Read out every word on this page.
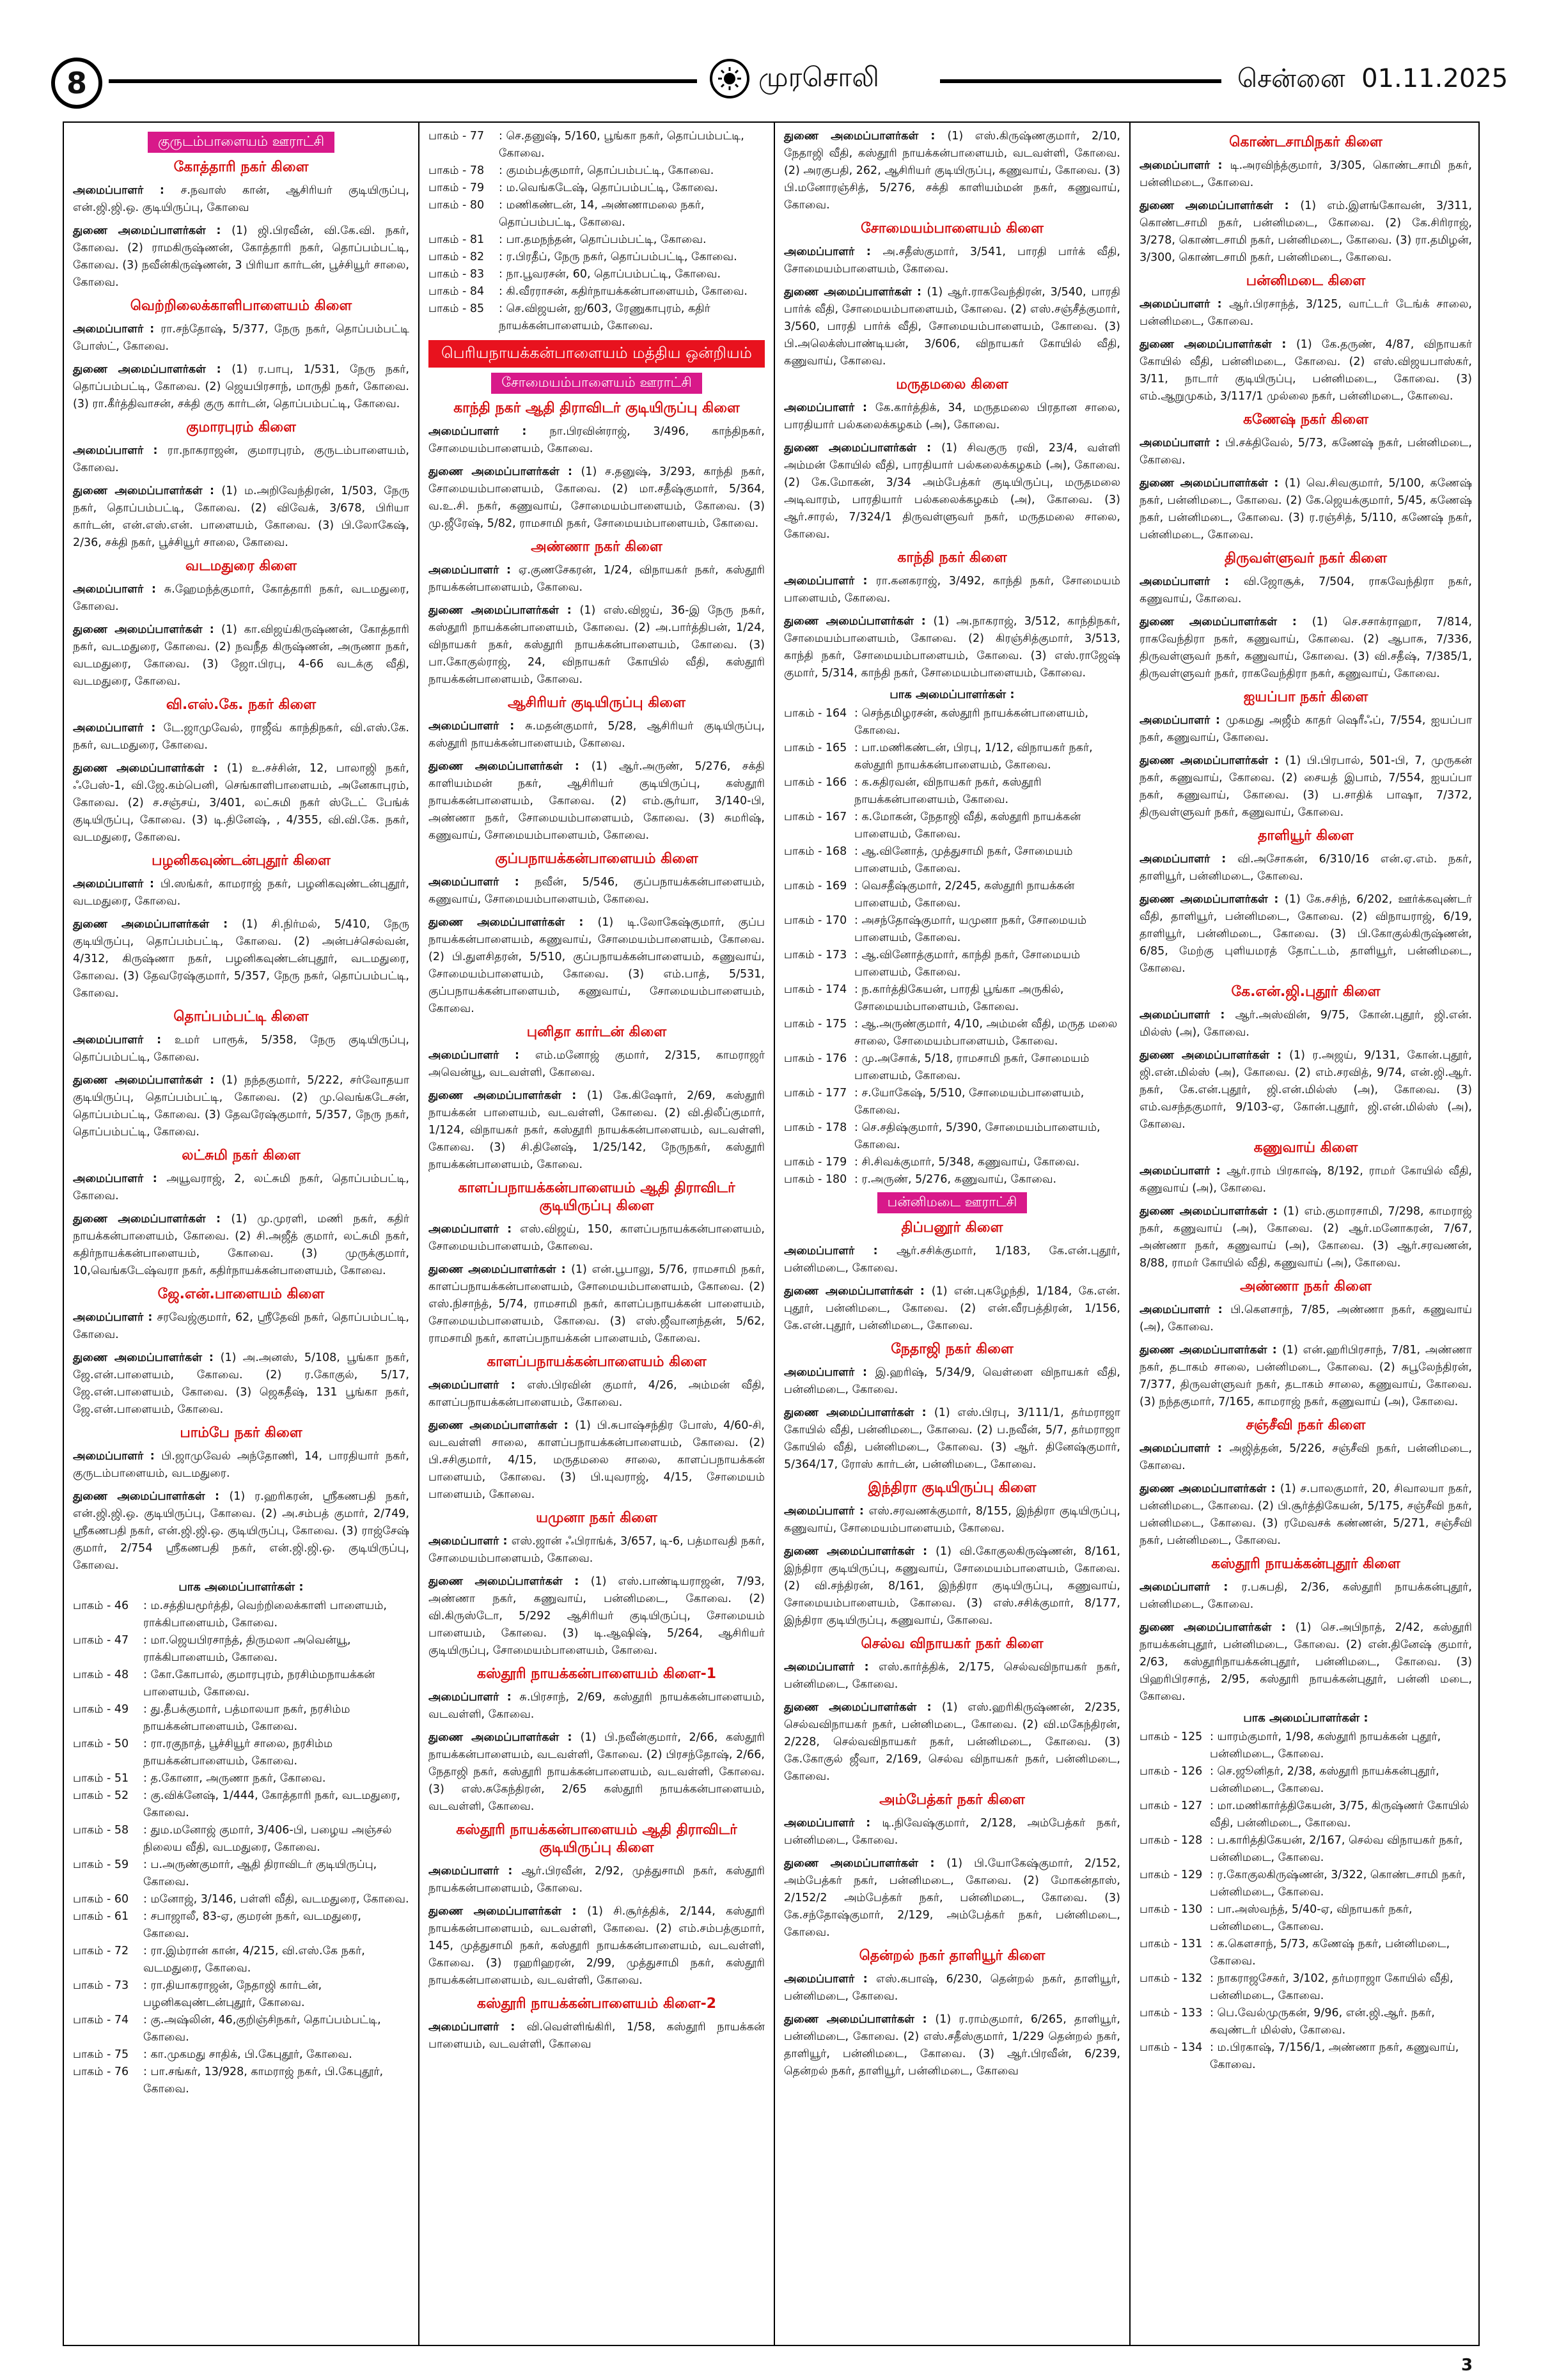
8	முரசொலி	சென்னை 01.11.2025
குருடம்பாளையம் ஊராட்சி
கோத்தாரி நகர் கிளை
அமைப்பாளர் : ச.நவாஸ் கான், ஆசிரியர் குடியிருப்பு, என்.ஜி.ஜி.ஒ. குடியிருப்பு, கோவை
துணை அமைப்பாளர்கள் : (1) ஜி.பிரவீன், வி.கே.வி. நகர், கோவை. (2) ராமகிருஷ்ணன், கோத்தாரி நகர், தொப்பம்பட்டி, கோவை. (3) நவீன்கிருஷ்ணன், 3 பிரியா கார்டன், பூச்சியூர் சாலை, கோவை.
வெற்றிலைக்காளிபாளையம் கிளை
அமைப்பாளர் : ரா.சந்தோஷ், 5/377, நேரு நகர், தொப்பம்பட்டி போஸ்ட், கோவை.
துணை அமைப்பாளர்கள் : (1) ர.பாபு, 1/531, நேரு நகர், தொப்பம்பட்டி, கோவை. (2) ஜெயபிரசாந், மாருதி நகர், கோவை. (3) ரா.கீர்த்திவாசன், சக்தி குரு கார்டன், தொப்பம்பட்டி, கோவை.
குமாரபுரம் கிளை
அமைப்பாளர் : ரா.நாகராஜன், குமாரபுரம், குருடம்பாளையம், கோவை.
துணை அமைப்பாளர்கள் : (1) ம.அறிவேந்திரன், 1/503, நேரு நகர், தொப்பம்பட்டி, கோவை. (2) விவேக், 3/678, பிரியா கார்டன், என்.எஸ்.என். பாளையம், கோவை. (3) பி.லோகேஷ், 2/36, சக்தி நகர், பூச்சியூர் சாலை, கோவை.
வடமதுரை கிளை
அமைப்பாளர் : சு.ஹேமந்த்குமார், கோத்தாரி நகர், வடமதுரை, கோவை.
துணை அமைப்பாளர்கள் : (1) கா.விஜய்கிருஷ்ணன், கோத்தாரி நகர், வடமதுரை, கோவை. (2) நவநீத கிருஷ்ணன், அருணா நகர், வடமதுரை, கோவை. (3) ஜோ.பிரபு, 4-66 வடக்கு வீதி, வடமதுரை, கோவை.
வி.எஸ்.கே. நகர் கிளை
அமைப்பாளர் : டே.ஜாமுவேல், ராஜீவ் காந்திநகர், வி.எஸ்.கே. நகர், வடமதுரை, கோவை.
துணை அமைப்பாளர்கள் : (1) உ.சச்சின், 12, பாலாஜி நகர், ஃபேஸ்-1, வி.ஜே.கம்பெனி, செங்காளிபாளையம், அனேகாபுரம், கோவை. (2) ச.சஞ்சய், 3/401, லட்சுமி நகர் ஸ்டேட் பேங்க் குடியிருப்பு, கோவை. (3) டி.தினேஷ், , 4/355, வி.வி.கே. நகர், வடமதுரை, கோவை.
பழனிகவுண்டன்புதூர் கிளை
அமைப்பாளர் : பி.ஸங்கர், காமராஜ் நகர், பழனிகவுண்டன்புதூர், வடமதுரை, கோவை.
துணை அமைப்பாளர்கள் : (1) சி.நிர்மல், 5/410, நேரு குடியிருப்பு, தொப்பம்பட்டி, கோவை. (2) அன்பச்செல்வன், 4/312, கிருஷ்ணா நகர், பழனிகவுண்டன்புதூர், வடமதுரை, கோவை. (3) தேவரேஷ்குமார், 5/357, நேரு நகர், தொப்பம்பட்டி, கோவை.
தொப்பம்பட்டி கிளை
அமைப்பாளர் : உமர் பாரூக், 5/358, நேரு குடியிருப்பு, தொப்பம்பட்டி, கோவை.
துணை அமைப்பாளர்கள் : (1) நந்தகுமார், 5/222, சர்வோதயா குடியிருப்பு, தொப்பம்பட்டி, கோவை. (2) மு.வெங்கடேசன், தொப்பம்பட்டி, கோவை. (3) தேவரேஷ்குமார், 5/357, நேரு நகர், தொப்பம்பட்டி, கோவை.
லட்சுமி நகர் கிளை
அமைப்பாளர் : அயூவராஜ், 2, லட்சுமி நகர், தொப்பம்பட்டி, கோவை.
துணை அமைப்பாளர்கள் : (1) மு.முரளி, மணி நகர், கதிர் நாயக்கன்பாளையம், கோவை. (2) சி.அஜீத் குமார், லட்சுமி நகர், கதிர்நாயக்கன்பாளையம், கோவை. (3) முருக்குமார், 10,வெங்கடேஷ்வரா நகர், கதிர்நாயக்கன்பாளையம், கோவை.
ஜே.என்.பாளையம் கிளை
அமைப்பாளர் : சரவேஜ்குமார், 62, ஸ்ரீதேவி நகர், தொப்பம்பட்டி, கோவை.
துணை அமைப்பாளர்கள் : (1) அ.அனஸ், 5/108, பூங்கா நகர், ஜே.என்.பாளையம், கோவை. (2) ர.கோகுல், 5/17, ஜே.என்.பாளையம், கோவை. (3) ஜெகதீஷ், 131 பூங்கா நகர், ஜே.என்.பாளையம், கோவை.
பாம்பே நகர் கிளை
அமைப்பாளர் : பி.ஜாமுவேல் அந்தோணி, 14, பாரதியார் நகர், குருடம்பாளையம், வடமதுரை.
துணை அமைப்பாளர்கள் : (1) ர.ஹரிகரன், ஸ்ரீகணபதி நகர், என்.ஜி.ஜி.ஒ. குடியிருப்பு, கோவை. (2) அ.சம்பத் குமார், 2/749, ஸ்ரீகணபதி நகர், என்.ஜி.ஜி.ஒ. குடியிருப்பு, கோவை. (3) ராஜ்சேஷ் குமார், 2/754 ஸ்ரீகணபதி நகர், என்.ஜி.ஜி.ஒ. குடியிருப்பு, கோவை.
பாக அமைப்பாளர்கள் :
பாகம் - 46	: ம.சத்தியமூர்த்தி, வெற்றிலைக்காளி பாளையம், ராக்கிபாளையம், கோவை.
பாகம் - 47	: மா.ஜெயபிரசாந்த், திருமலா அவென்யூ, ராக்கிபாளையம், கோவை.
பாகம் - 48	: கோ.கோபால், குமாரபுரம், நரசிம்மநாயக்கன் பாளையம், கோவை.
பாகம் - 49	: து.தீபக்குமார், பத்மாலயா நகர், நரசிம்ம நாயக்கன்பாளையம், கோவை.
பாகம் - 50	: ரா.ரகுநாத், பூச்சியூர் சாலை, நரசிம்ம நாயக்கன்பாளையம், கோவை.
பாகம் - 51	: த.கோனா, அருணா நகர், கோவை.
பாகம் - 52	: கு.விக்னேஷ், 1/444, கோத்தாரி நகர், வடமதுரை, கோவை.
பாகம் - 58	: தும.மனோஜ் குமார், 3/406-பி, பழைய அஞ்சல் நிலைய வீதி, வடமதுரை, கோவை.
பாகம் - 59	: ப.அருண்குமார், ஆதி திராவிடர் குடியிருப்பு, கோவை.
பாகம் - 60	: மனோஜ், 3/146, பள்ளி வீதி, வடமதுரை, கோவை.
பாகம் - 61	: சபாஜாலீ, 83-ஏ, குமரன் நகர், வடமதுரை, கோவை.
பாகம் - 72	: ரா.இம்ரான் கான், 4/215, வி.எஸ்.கே நகர், வடமதுரை, கோவை.
பாகம் - 73	: ரா.தியாகராஜன், நேதாஜி கார்டன், பழனிகவுண்டன்புதூர், கோவை.
பாகம் - 74	: கு.அஷ்லின், 46,குறிஞ்சிநகர், தொப்பம்பட்டி, கோவை.
பாகம் - 75	: கா.முகமது சாதிக், பி.கேபுதூர், கோவை.
பாகம் - 76	: பா.சங்கர், 13/928, காமராஜ் நகர், பி.கேபுதூர், கோவை.
பாகம் - 77	: செ.தனுஷ், 5/160, பூங்கா நகர், தொப்பம்பட்டி, கோவை.
பாகம் - 78	: குமம்பத்குமார், தொப்பம்பட்டி, கோவை.
பாகம் - 79	: ம.வெங்கடேஷ், தொப்பம்பட்டி, கோவை.
பாகம் - 80	: மணிகண்டன், 14, அண்ணாமலை நகர், தொப்பம்பட்டி, கோவை.
பாகம் - 81	: பா.தமநந்தன், தொப்பம்பட்டி, கோவை.
பாகம் - 82	: ர.பிரதீப், நேரு நகர், தொப்பம்பட்டி, கோவை.
பாகம் - 83	: நா.பூவரசன், 60, தொப்பம்பட்டி, கோவை.
பாகம் - 84	: கி.வீரராசன், கதிர்நாயக்கன்பாளையம், கோவை.
பாகம் - 85	: செ.விஜயன், ஐ/603, ரேணுகாபுரம், கதிர் நாயக்கன்பாளையம், கோவை.
பெரியநாயக்கன்பாளையம் மத்திய ஒன்றியம்
சோமையம்பாளையம் ஊராட்சி
காந்தி நகர் ஆதி திராவிடர் குடியிருப்பு கிளை
அமைப்பாளர் : நா.பிரவின்ராஜ், 3/496, காந்திநகர், சோமையம்பாளையம், கோவை.
துணை அமைப்பாளர்கள் : (1) ச.தனுஷ், 3/293, காந்தி நகர், சோமையம்பாளையம், கோவை. (2) மா.சதீஷ்குமார், 5/364, வ.உ.சி. நகர், கணுவாய், சோமையம்பாளையம், கோவை. (3) மு.ஜீரேஷ், 5/82, ராமசாமி நகர், சோமையம்பாளையம், கோவை.
அண்ணா நகர் கிளை
அமைப்பாளர் : ஏ.குணசேகரன், 1/24, விநாயகர் நகர், கஸ்தூரி நாயக்கன்பாளையம், கோவை.
துணை அமைப்பாளர்கள் : (1) எஸ்.விஜய், 36-இ நேரு நகர், கஸ்தூரி நாயக்கன்பாளையம், கோவை. (2) அ.பார்த்திபன், 1/24, விநாயகர் நகர், கஸ்தூரி நாயக்கன்பாளையம், கோவை. (3) பா.கோகுல்ராஜ், 24, விநாயகர் கோயில் வீதி, கஸ்தூரி நாயக்கன்பாளையம், கோவை.
ஆசிரியர் குடியிருப்பு கிளை
அமைப்பாளர் : சு.மதன்குமார், 5/28, ஆசிரியர் குடியிருப்பு, கஸ்தூரி நாயக்கன்பாளையம், கோவை.
துணை அமைப்பாளர்கள் : (1) ஆர்.அருண், 5/276, சக்தி காளியம்மன் நகர், ஆசிரியர் குடியிருப்பு, கஸ்தூரி நாயக்கன்பாளையம், கோவை. (2) எம்.சூர்யா, 3/140-பி, அண்ணா நகர், சோமையம்பாளையம், கோவை. (3) சுமரிஷ், கணுவாய், சோமையம்பாளையம், கோவை.
குப்பநாயக்கன்பாளையம் கிளை
அமைப்பாளர் : நவீன், 5/546, குப்பநாயக்கன்பாளையம், கணுவாய், சோமையம்பாளையம், கோவை.
துணை அமைப்பாளர்கள் : (1) டி.லோகேஷ்குமார், குப்ப நாயக்கன்பாளையம், கணுவாய், சோமையம்பாளையம், கோவை. (2) பி.துளசிதரன், 5/510, குப்பநாயக்கன்பாளையம், கணுவாய், சோமையம்பாளையம், கோவை. (3) எம்.பாத், 5/531, குப்பநாயக்கன்பாளையம், கணுவாய், சோமையம்பாளையம், கோவை.
புனிதா கார்டன் கிளை
அமைப்பாளர் : எம்.மனோஜ் குமார், 2/315, காமராஜர் அவென்யூ, வடவள்ளி, கோவை.
துணை அமைப்பாளர்கள் : (1) கே.கிஷோர், 2/69, கஸ்தூரி நாயக்கன் பாளையம், வடவள்ளி, கோவை. (2) வி.திலீப்குமார், 1/124, விநாயகர் நகர், கஸ்தூரி நாயக்கன்பாளையம், வடவள்ளி, கோவை. (3) சி.தினேஷ், 1/25/142, நேருநகர், கஸ்தூரி நாயக்கன்பாளையம், கோவை.
காளப்பநாயக்கன்பாளையம் ஆதி திராவிடர் குடியிருப்பு கிளை
அமைப்பாளர் : எஸ்.விஜய், 150, காளப்பநாயக்கன்பாளையம், சோமையம்பாளையம், கோவை.
துணை அமைப்பாளர்கள் : (1) என்.பூபாலு, 5/76, ராமசாமி நகர், காளப்பநாயக்கன்பாளையம், சோமையம்பாளையம், கோவை. (2) எஸ்.நிசாந்த், 5/74, ராமசாமி நகர், காளப்பநாயக்கன் பாளையம், சோமையம்பாளையம், கோவை. (3) எஸ்.ஜீவானந்தன், 5/62, ராமசாமி நகர், காளப்பநாயக்கன் பாளையம், கோவை.
காளப்பநாயக்கன்பாளையம் கிளை
அமைப்பாளர் : எஸ்.பிரவின் குமார், 4/26, அம்மன் வீதி, காளப்பநாயக்கன்பாளையம், கோவை.
துணை அமைப்பாளர்கள் : (1) பி.சுபாஷ்சந்திர போஸ், 4/60-சி, வடவள்ளி சாலை, காளப்பநாயக்கன்பாளையம், கோவை. (2) பி.சசிகுமார், 4/15, மருதமலை சாலை, காளப்பநாயக்கன் பாளையம், கோவை. (3) பி.யுவராஜ், 4/15, சோமையம் பாளையம், கோவை.
யமுனா நகர் கிளை
அமைப்பாளர் : எஸ்.ஜான் ஃபிராங்க், 3/657, டி-6, பத்மாவதி நகர், சோமையம்பாளையம், கோவை.
துணை அமைப்பாளர்கள் : (1) எஸ்.பாண்டியராஜன், 7/93, அண்ணா நகர், கணுவாய், பன்னிமடை, கோவை. (2) வி.கிருஸ்டோ, 5/292 ஆசிரியர் குடியிருப்பு, சோமையம் பாளையம், கோவை. (3) டி.ஆஷிஷ், 5/264, ஆசிரியர் குடியிருப்பு, சோமையம்பாளையம், கோவை.
கஸ்தூரி நாயக்கன்பாளையம் கிளை-1
அமைப்பாளர் : சு.பிரசாந், 2/69, கஸ்தூரி நாயக்கன்பாளையம், வடவள்ளி, கோவை.
துணை அமைப்பாளர்கள் : (1) பி.நவீன்குமார், 2/66, கஸ்தூரி நாயக்கன்பாளையம், வடவள்ளி, கோவை. (2) பிரசந்தோஷ், 2/66, நேதாஜி நகர், கஸ்தூரி நாயக்கன்பாளையம், வடவள்ளி, கோவை. (3) எஸ்.சுகேந்திரன், 2/65 கஸ்தூரி நாயக்கன்பாளையம், வடவள்ளி, கோவை.
கஸ்தூரி நாயக்கன்பாளையம் ஆதி திராவிடர் குடியிருப்பு கிளை
அமைப்பாளர் : ஆர்.பிரவீன், 2/92, முத்துசாமி நகர், கஸ்தூரி நாயக்கன்பாளையம், கோவை.
துணை அமைப்பாளர்கள் : (1) சி.சூர்த்திக், 2/144, கஸ்தூரி நாயக்கன்பாளையம், வடவள்ளி, கோவை. (2) எம்.சம்பத்குமார், 145, முத்துசாமி நகர், கஸ்தூரி நாயக்கன்பாளையம், வடவள்ளி, கோவை. (3) ரஹரிஹரன், 2/99, முத்துசாமி நகர், கஸ்தூரி நாயக்கன்பாளையம், வடவள்ளி, கோவை.
கஸ்தூரி நாயக்கன்பாளையம் கிளை-2
அமைப்பாளர் : வி.வெள்ளிங்கிரி, 1/58, கஸ்தூரி நாயக்கன் பாளையம், வடவள்ளி, கோவை
துணை அமைப்பாளர்கள் : (1) எஸ்.கிருஷ்ணகுமார், 2/10, நேதாஜி வீதி, கஸ்தூரி நாயக்கன்பாளையம், வடவள்ளி, கோவை. (2) அரகுபதி, 262, ஆசிரியர் குடியிருப்பு, கணுவாய், கோவை. (3) பி.மனோரஞ்சித், 5/276, சக்தி காளியம்மன் நகர், கணுவாய், கோவை.
சோமையம்பாளையம் கிளை
அமைப்பாளர் : அ.சதீஸ்குமார், 3/541, பாரதி பார்க் வீதி, சோமையம்பாளையம், கோவை.
துணை அமைப்பாளர்கள் : (1) ஆர்.ராகவேந்திரன், 3/540, பாரதி பார்க் வீதி, சோமையம்பாளையம், கோவை. (2) எஸ்.சஞ்சீத்குமார், 3/560, பாரதி பார்க் வீதி, சோமையம்பாளையம், கோவை. (3) பி.அலெக்ஸ்பாண்டியன், 3/606, விநாயகர் கோயில் வீதி, கணுவாய், கோவை.
மருதமலை கிளை
அமைப்பாளர் : கே.கார்த்திக், 34, மருதமலை பிரதான சாலை, பாரதியார் பல்கலைக்கழகம் (அ), கோவை.
துணை அமைப்பாளர்கள் : (1) சிவகுரு ரவி, 23/4, வள்ளி அம்மன் கோயில் வீதி, பாரதியார் பல்கலைக்கழகம் (அ), கோவை. (2) கே.மோகன், 3/34 அம்பேத்கர் குடியிருப்பு, மருதமலை அடிவாரம், பாரதியார் பல்கலைக்கழகம் (அ), கோவை. (3) ஆர்.சாரல், 7/324/1 திருவள்ளுவர் நகர், மருதமலை சாலை, கோவை.
காந்தி நகர் கிளை
அமைப்பாளர் : ரா.கனகராஜ், 3/492, காந்தி நகர், சோமையம் பாளையம், கோவை.
துணை அமைப்பாளர்கள் : (1) அ.நாகராஜ், 3/512, காந்திநகர், சோமையம்பாளையம், கோவை. (2) கிரஞ்சித்குமார், 3/513, காந்தி நகர், சோமையம்பாளையம், கோவை. (3) எஸ்.ராஜேஷ் குமார், 5/314, காந்தி நகர், சோமையம்பாளையம், கோவை.
பாக அமைப்பாளர்கள் :
பாகம் - 164 : செந்தமிழரசன், கஸ்தூரி நாயக்கன்பாளையம், கோவை.
பாகம் - 165 : பா.மணிகண்டன், பிரபு, 1/12, விநாயகர் நகர், கஸ்தூரி நாயக்கன்பாளையம், கோவை.
பாகம் - 166 : க.கதிரவன், விநாயகர் நகர், கஸ்தூரி நாயக்கன்பாளையம், கோவை.
பாகம் - 167 : க.மோகன், நேதாஜி வீதி, கஸ்தூரி நாயக்கன் பாளையம், கோவை.
பாகம் - 168 : ஆ.வினோத், முத்துசாமி நகர், சோமையம் பாளையம், கோவை.
பாகம் - 169 : வெசதீஷ்குமார், 2/245, கஸ்தூரி நாயக்கன் பாளையம், கோவை.
பாகம் - 170 : அசந்தோஷ்குமார், யமுனா நகர், சோமையம் பாளையம், கோவை.
பாகம் - 173 : ஆ.வினோத்குமார், காந்தி நகர், சோமையம் பாளையம், கோவை.
பாகம் - 174 : ந.கார்த்திகேயன், பாரதி பூங்கா அருகில், சோமையம்பாளையம், கோவை.
பாகம் - 175 : ஆ.அருண்குமார், 4/10, அம்மன் வீதி, மருத மலை சாலை, சோமையம்பாளையம், கோவை.
பாகம் - 176 : மு.அசோக், 5/18, ராமசாமி நகர், சோமையம் பாளையம், கோவை.
பாகம் - 177 : ச.யோகேஷ், 5/510, சோமையம்பாளையம், கோவை.
பாகம் - 178 : செ.சதிஷ்குமார், 5/390, சோமையம்பாளையம், கோவை.
பாகம் - 179 : சி.சிவக்குமார், 5/348, கணுவாய், கோவை.
பாகம் - 180 : ர.அருண், 5/276, கணுவாய், கோவை.
பன்னிமடை ஊராட்சி
திப்பனூர் கிளை
அமைப்பாளர் : ஆர்.சசிக்குமார், 1/183, கே.என்.புதூர், பன்னிமடை, கோவை.
துணை அமைப்பாளர்கள் : (1) என்.புகழேந்தி, 1/184, கே.என். புதூர், பன்னிமடை, கோவை. (2) என்.வீரபத்திரன், 1/156, கே.என்.புதூர், பன்னிமடை, கோவை.
நேதாஜி நகர் கிளை
அமைப்பாளர் : இ.ஹரிஷ், 5/34/9, வெள்ளை விநாயகர் வீதி, பன்னிமடை, கோவை.
துணை அமைப்பாளர்கள் : (1) எஸ்.பிரபு, 3/111/1, தர்மராஜா கோயில் வீதி, பன்னிமடை, கோவை. (2) ப.நவீன், 5/7, தர்மராஜா கோயில் வீதி, பன்னிமடை, கோவை. (3) ஆர். தினேஷ்குமார், 5/364/17, ரோஸ் கார்டன், பன்னிமடை, கோவை.
இந்திரா குடியிருப்பு கிளை
அமைப்பாளர் : எஸ்.சரவணக்குமார், 8/155, இந்திரா குடியிருப்பு, கணுவாய், சோமையம்பாளையம், கோவை.
துணை அமைப்பாளர்கள் : (1) வி.கோகுலகிருஷ்ணன், 8/161, இந்திரா குடியிருப்பு, கணுவாய், சோமையம்பாளையம், கோவை. (2) வி.சந்திரன், 8/161, இந்திரா குடியிருப்பு, கணுவாய், சோமையம்பாளையம், கோவை. (3) எஸ்.சசிக்குமார், 8/177, இந்திரா குடியிருப்பு, கணுவாய், கோவை.
செல்வ விநாயகர் நகர் கிளை
அமைப்பாளர் : எஸ்.கார்த்திக், 2/175, செல்வவிநாயகர் நகர், பன்னிமடை, கோவை.
துணை அமைப்பாளர்கள் : (1) எஸ்.ஹரிகிருஷ்ணன், 2/235, செல்வவிநாயகர் நகர், பன்னிமடை, கோவை. (2) வி.மகேந்திரன், 2/228, செல்வவிநாயகர் நகர், பன்னிமடை, கோவை. (3) கே.கோகுல் ஜீவா, 2/169, செல்வ விநாயகர் நகர், பன்னிமடை, கோவை.
அம்பேத்கர் நகர் கிளை
அமைப்பாளர் : டி.நிவேஷ்குமார், 2/128, அம்பேத்கர் நகர், பன்னிமடை, கோவை.
துணை அமைப்பாளர்கள் : (1) பி.யோகேஷ்குமார், 2/152, அம்பேத்கர் நகர், பன்னிமடை, கோவை. (2) மோகன்தாஸ், 2/152/2 அம்பேத்கர் நகர், பன்னிமடை, கோவை. (3) கே.சந்தோஷ்குமார், 2/129, அம்பேத்கர் நகர், பன்னிமடை, கோவை.
தென்றல் நகர் தாளியூர் கிளை
அமைப்பாளர் : எஸ்.கபாஷ், 6/230, தென்றல் நகர், தாளியூர், பன்னிமடை, கோவை.
துணை அமைப்பாளர்கள் : (1) ர.ராம்குமார், 6/265, தாளியூர், பன்னிமடை, கோவை. (2) எஸ்.சதீஸ்குமார், 1/229 தென்றல் நகர், தாளியூர், பன்னிமடை, கோவை. (3) ஆர்.பிரவீன், 6/239, தென்றல் நகர், தாளியூர், பன்னிமடை, கோவை
கொண்டசாமிநகர் கிளை
அமைப்பாளர் : டி.அரவிந்த்குமார், 3/305, கொண்டசாமி நகர், பன்னிமடை, கோவை.
துணை அமைப்பாளர்கள் : (1) எம்.இளங்கோவன், 3/311, கொண்டசாமி நகர், பன்னிமடை, கோவை. (2) கே.சிரிராஜ், 3/278, கொண்டசாமி நகர், பன்னிமடை, கோவை. (3) ரா.தமிழன், 3/300, கொண்டசாமி நகர், பன்னிமடை, கோவை.
பன்னிமடை கிளை
அமைப்பாளர் : ஆர்.பிரசாந்த், 3/125, வாட்டர் டேங்க் சாலை, பன்னிமடை, கோவை.
துணை அமைப்பாளர்கள் : (1) கே.தருண், 4/87, விநாயகர் கோயில் வீதி, பன்னிமடை, கோவை. (2) எஸ்.விஜயபாஸ்கர், 3/11, நாடார் குடியிருப்பு, பன்னிமடை, கோவை. (3) எம்.ஆறுமுகம், 3/117/1 முல்லை நகர், பன்னிமடை, கோவை.
கணேஷ் நகர் கிளை
அமைப்பாளர் : பி.சக்திவேல், 5/73, கணேஷ் நகர், பன்னிமடை, கோவை.
துணை அமைப்பாளர்கள் : (1) வெ.சிவகுமார், 5/100, கணேஷ் நகர், பன்னிமடை, கோவை. (2) கே.ஜெயக்குமார், 5/45, கணேஷ் நகர், பன்னிமடை, கோவை. (3) ர.ரஞ்சித், 5/110, கணேஷ் நகர், பன்னிமடை, கோவை.
திருவள்ளுவர் நகர் கிளை
அமைப்பாளர் : வி.ஜோசூக், 7/504, ராகவேந்திரா நகர், கணுவாய், கோவை.
துணை அமைப்பாளர்கள் : (1) செ.சசாக்ராஹா, 7/814, ராகவேந்திரா நகர், கணுவாய், கோவை. (2) ஆபாசு, 7/336, திருவள்ளுவர் நகர், கணுவாய், கோவை. (3) வி.சதீஷ், 7/385/1, திருவள்ளுவர் நகர், ராகவேந்திரா நகர், கணுவாய், கோவை.
ஐயப்பா நகர் கிளை
அமைப்பாளர் : முகமது அஜீம் காதர் ஷெரீஃப், 7/554, ஐயப்பா நகர், கணுவாய், கோவை.
துணை அமைப்பாளர்கள் : (1) பி.பிரபால், 501-பி, 7, முருகன் நகர், கணுவாய், கோவை. (2) சையத் இபாம், 7/554, ஐயப்பா நகர், கணுவாய், கோவை. (3) ப.சாதிக் பாஷா, 7/372, திருவள்ளுவர் நகர், கணுவாய், கோவை.
தாளியூர் கிளை
அமைப்பாளர் : வி.அசோகன், 6/310/16 என்.ஏ.எம். நகர், தாளியூர், பன்னிமடை, கோவை.
துணை அமைப்பாளர்கள் : (1) கே.சசிந், 6/202, ஊர்க்கவுண்டர் வீதி, தாளியூர், பன்னிமடை, கோவை. (2) விநாயராஜ், 6/19, தாளியூர், பன்னிமடை, கோவை. (3) பி.கோகுல்கிருஷ்ணன், 6/85, மேற்கு புளியமரத் தோட்டம், தாளியூர், பன்னிமடை, கோவை.
கே.என்.ஜி.புதூர் கிளை
அமைப்பாளர் : ஆர்.அஸ்வின், 9/75, கோன்.புதூர், ஜி.என். மில்ஸ் (அ), கோவை.
துணை அமைப்பாளர்கள் : (1) ர.அஜய், 9/131, கோன்.புதூர், ஜி.என்.மில்ஸ் (அ), கோவை. (2) எம்.சரவித், 9/74, என்.ஜி.ஆர். நகர், கே.என்.புதூர், ஜி.என்.மில்ஸ் (அ), கோவை. (3) எம்.வசந்தகுமார், 9/103-ஏ, கோன்.புதூர், ஜி.என்.மில்ஸ் (அ), கோவை.
கணுவாய் கிளை
அமைப்பாளர் : ஆர்.ராம் பிரகாஷ், 8/192, ராமர் கோயில் வீதி, கணுவாய் (அ), கோவை.
துணை அமைப்பாளர்கள் : (1) எம்.குமாரசாமி, 7/298, காமராஜ் நகர், கணுவாய் (அ), கோவை. (2) ஆர்.மனோகரன், 7/67, அண்ணா நகர், கணுவாய் (அ), கோவை. (3) ஆர்.சரவணன், 8/88, ராமர் கோயில் வீதி, கணுவாய் (அ), கோவை.
அண்ணா நகர் கிளை
அமைப்பாளர் : பி.கௌசாந், 7/85, அண்ணா நகர், கணுவாய் (அ), கோவை.
துணை அமைப்பாளர்கள் : (1) என்.ஹரிபிரசாந், 7/81, அண்ணா நகர், தடாகம் சாலை, பன்னிமடை, கோவை. (2) சுபூலேந்திரன், 7/377, திருவள்ளுவர் நகர், தடாகம் சாலை, கணுவாய், கோவை. (3) நந்தகுமார், 7/165, காமராஜ் நகர், கணுவாய் (அ), கோவை.
சஞ்சீவி நகர் கிளை
அமைப்பாளர் : அஜித்தன், 5/226, சஞ்சீவி நகர், பன்னிமடை, கோவை.
துணை அமைப்பாளர்கள் : (1) ச.பாலகுமார், 20, சிவாலயா நகர், பன்னிமடை, கோவை. (2) பி.சூர்த்திகேயன், 5/175, சஞ்சீவி நகர், பன்னிமடை, கோவை. (3) ரமேவசக் கண்ணன், 5/271, சஞ்சீவி நகர், பன்னிமடை, கோவை.
கஸ்தூரி நாயக்கன்புதூர் கிளை
அமைப்பாளர் : ர.பசுபதி, 2/36, கஸ்தூரி நாயக்கன்புதூர், பன்னிமடை, கோவை.
துணை அமைப்பாளர்கள் : (1) செ.அபிநாத், 2/42, கஸ்தூரி நாயக்கன்புதூர், பன்னிமடை, கோவை. (2) என்.தினேஷ் குமார், 2/63, கஸ்தூரிநாயக்கன்புதூர், பன்னிமடை, கோவை. (3) பிஹரிபிரசாத், 2/95, கஸ்தூரி நாயக்கன்புதூர், பன்னி மடை, கோவை.
பாக அமைப்பாளர்கள் :
பாகம் - 125 : யாரம்குமார், 1/98, கஸ்தூரி நாயக்கன் புதூர், பன்னிமடை, கோவை.
பாகம் - 126 : செ.ஜூனிதர், 2/38, கஸ்தூரி நாயக்கன்புதூர், பன்னிமடை, கோவை.
பாகம் - 127 : மா.மணிகார்த்திகேயன், 3/75, கிருஷ்ணர் கோயில் வீதி, பன்னிமடை, கோவை.
பாகம் - 128 : ப.காரித்திகேயன், 2/167, செல்வ விநாயகர் நகர், பன்னிமடை, கோவை.
பாகம் - 129 : ர.கோகுலகிருஷ்ணன், 3/322, கொண்டசாமி நகர், பன்னிமடை, கோவை.
பாகம் - 130 : பா.அஸ்வந்த், 5/40-ஏ, விநாயகர் நகர், பன்னிமடை, கோவை.
பாகம் - 131 : க.கௌசாந், 5/73, கணேஷ் நகர், பன்னிமடை, கோவை.
பாகம் - 132 : நாகராஜசேகர், 3/102, தர்மராஜா கோயில் வீதி, பன்னிமடை, கோவை.
பாகம் - 133 : பெ.வேல்முருகன், 9/96, என்.ஜி.ஆர். நகர், கவுண்டர் மில்ஸ், கோவை.
பாகம் - 134 : ம.பிரகாஷ், 7/156/1, அண்ணா நகர், கணுவாய், கோவை.
3
